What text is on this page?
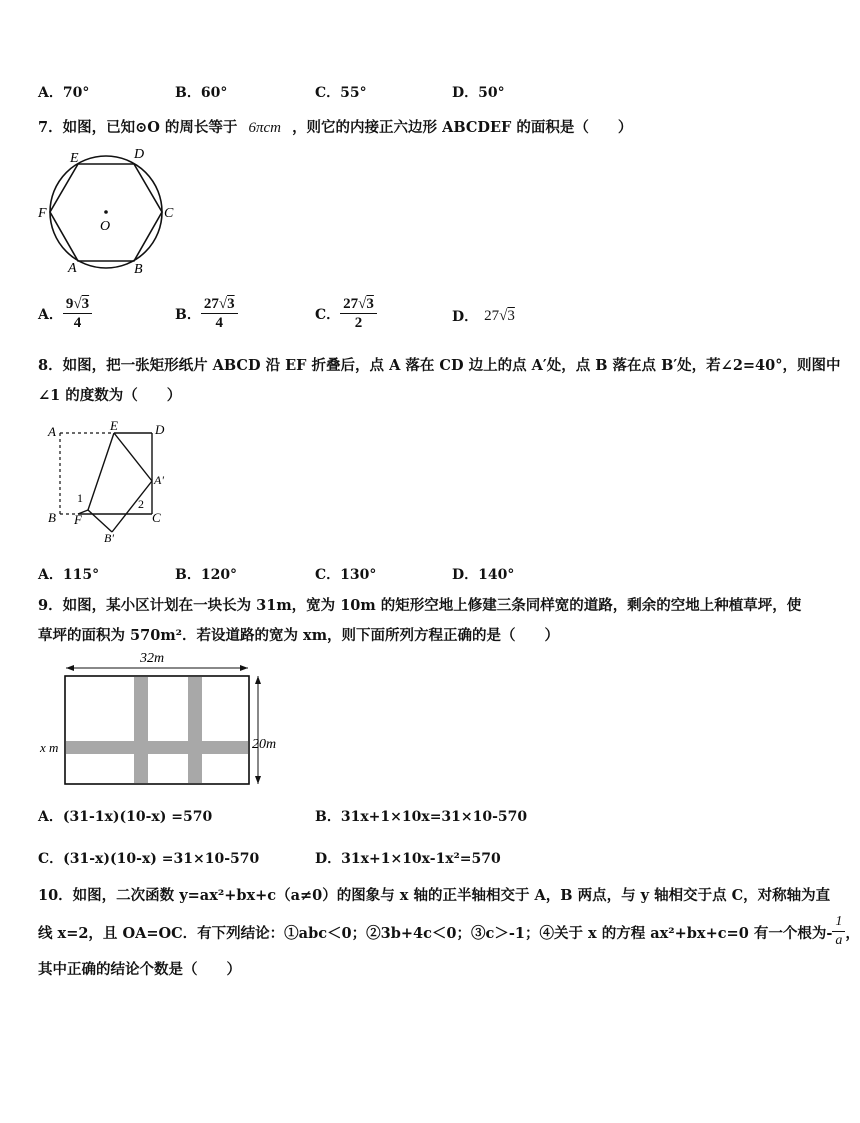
A．70°	B．60°	C．55°	D．50°
7．如图，已知⊙O 的周长等于 6πcm ，则它的内接正六边形 ABCDEF 的面积是（　　）
E	D
F	C
A	B
O
A． $\frac{9√3}{4}$	B． $\frac{27√3}{4}$	C． $\frac{27√3}{2}$	D． 27√3
8．如图，把一张矩形纸片 ABCD 沿 EF 折叠后，点 A 落在 CD 边上的点 A′处，点 B 落在点 B′处，若∠2=40°，则图中
∠1 的度数为（　　）
A	E	D
A'
B F	C
B'
1	2
A．115°	B．120°	C．130°	D．140°
9．如图，某小区计划在一块长为 31m，宽为 10m 的矩形空地上修建三条同样宽的道路，剩余的空地上种植草坪，使
草坪的面积为 570m²．若设道路的宽为 xm，则下面所列方程正确的是（　　）
32m
20m
x m
A．(31-1x)(10-x) =570	B．31x+1×10x=31×10-570
C．(31-x)(10-x) =31×10-570	D．31x+1×10x-1x²=570
10．如图，二次函数 y=ax²+bx+c（a≠0）的图象与 x 轴的正半轴相交于 A，B 两点，与 y 轴相交于点 C，对称轴为直
线 x=2，且 OA=OC．有下列结论：①abc＜0；②3b+4c＜0；③c＞-1；④关于 x 的方程 ax²+bx+c=0 有一个根为- $\frac{1}{a}$ ，
其中正确的结论个数是（　　）
